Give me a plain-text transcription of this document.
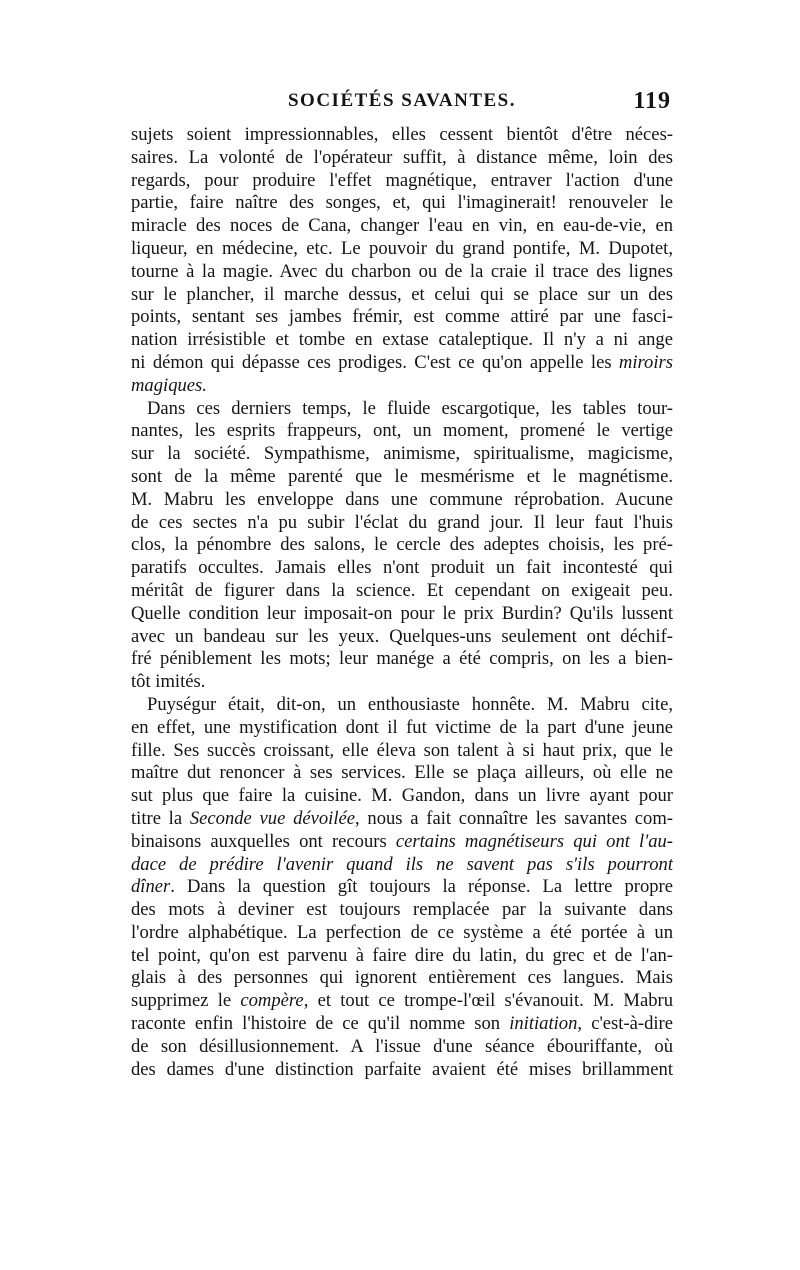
SOCIÉTÉS SAVANTES.	119
sujets soient impressionnables, elles cessent bientôt d'être néces-
saires. La volonté de l'opérateur suffit, à distance même, loin des
regards, pour produire l'effet magnétique, entraver l'action d'une
partie, faire naître des songes, et, qui l'imaginerait! renouveler le
miracle des noces de Cana, changer l'eau en vin, en eau-de-vie, en
liqueur, en médecine, etc. Le pouvoir du grand pontife, M. Dupotet,
tourne à la magie. Avec du charbon ou de la craie il trace des lignes
sur le plancher, il marche dessus, et celui qui se place sur un des
points, sentant ses jambes frémir, est comme attiré par une fasci-
nation irrésistible et tombe en extase cataleptique. Il n'y a ni ange
ni démon qui dépasse ces prodiges. C'est ce qu'on appelle les miroirs
magiques.
Dans ces derniers temps, le fluide escargotique, les tables tour-
nantes, les esprits frappeurs, ont, un moment, promené le vertige
sur la société. Sympathisme, animisme, spiritualisme, magicisme,
sont de la même parenté que le mesmérisme et le magnétisme.
M. Mabru les enveloppe dans une commune réprobation. Aucune
de ces sectes n'a pu subir l'éclat du grand jour. Il leur faut l'huis
clos, la pénombre des salons, le cercle des adeptes choisis, les pré-
paratifs occultes. Jamais elles n'ont produit un fait incontesté qui
méritât de figurer dans la science. Et cependant on exigeait peu.
Quelle condition leur imposait-on pour le prix Burdin? Qu'ils lussent
avec un bandeau sur les yeux. Quelques-uns seulement ont déchif-
fré péniblement les mots; leur manége a été compris, on les a bien-
tôt imités.
Puységur était, dit-on, un enthousiaste honnête. M. Mabru cite,
en effet, une mystification dont il fut victime de la part d'une jeune
fille. Ses succès croissant, elle éleva son talent à si haut prix, que le
maître dut renoncer à ses services. Elle se plaça ailleurs, où elle ne
sut plus que faire la cuisine. M. Gandon, dans un livre ayant pour
titre la Seconde vue dévoilée, nous a fait connaître les savantes com-
binaisons auxquelles ont recours certains magnétiseurs qui ont l'au-
dace de prédire l'avenir quand ils ne savent pas s'ils pourront
dîner. Dans la question gît toujours la réponse. La lettre propre
des mots à deviner est toujours remplacée par la suivante dans
l'ordre alphabétique. La perfection de ce système a été portée à un
tel point, qu'on est parvenu à faire dire du latin, du grec et de l'an-
glais à des personnes qui ignorent entièrement ces langues. Mais
supprimez le compère, et tout ce trompe-l'œil s'évanouit. M. Mabru
raconte enfin l'histoire de ce qu'il nomme son initiation, c'est-à-dire
de son désillusionnement. A l'issue d'une séance ébouriffante, où
des dames d'une distinction parfaite avaient été mises brillamment
